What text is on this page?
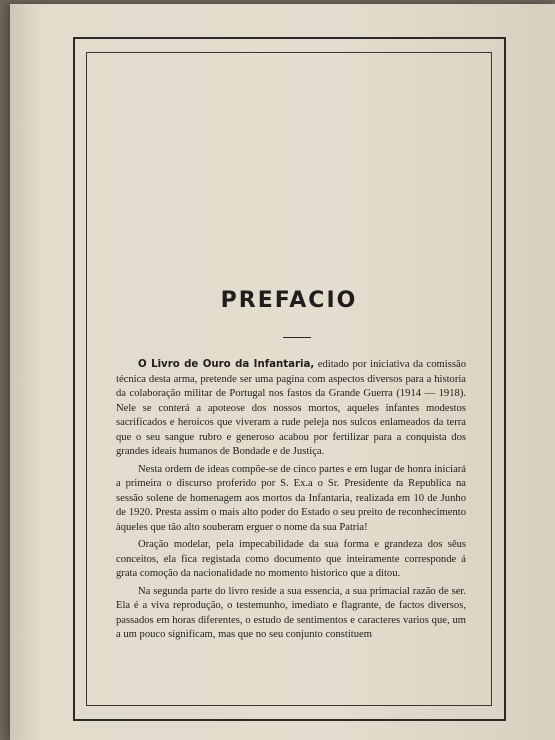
PREFACIO

O Livro de Ouro da Infantaria, editado por iniciativa da comissão técnica desta arma, pretende ser uma pagina com aspectos diversos para a historia da colaboração militar de Portugal nos fastos da Grande Guerra (1914 — 1918). Nele se conterá a apoteose dos nossos mortos, aqueles infantes modestos sacrificados e heroicos que viveram a rude peleja nos sulcos enlameados da terra que o seu sangue rubro e generoso acabou por fertilizar para a conquista dos grandes ideais humanos de Bondade e de Justiça.

Nesta ordem de ideas compõe-se de cinco partes e em lugar de honra iniciará a primeira o discurso proferido por S. Ex.a o Sr. Presidente da Republica na sessão solene de homenagem aos mortos da Infantaria, realizada em 10 de Junho de 1920. Presta assim o mais alto poder do Estado o seu preito de reconhecimento àqueles que tão alto souberam erguer o nome da sua Patria!

Oração modelar, pela impecabilidade da sua forma e grandeza dos sêus conceitos, ela fica registada como documento que inteiramente corresponde á grata comoção da nacionalidade no momento historico que a ditou.

Na segunda parte do livro reside a sua essencia, a sua primacial razão de ser. Ela é a viva reprodução, o testemunho, imediato e flagrante, de factos diversos, passados em horas diferentes, o estudo de sentimentos e caracteres varios que, um a um pouco significam, mas que no seu conjunto constituem
